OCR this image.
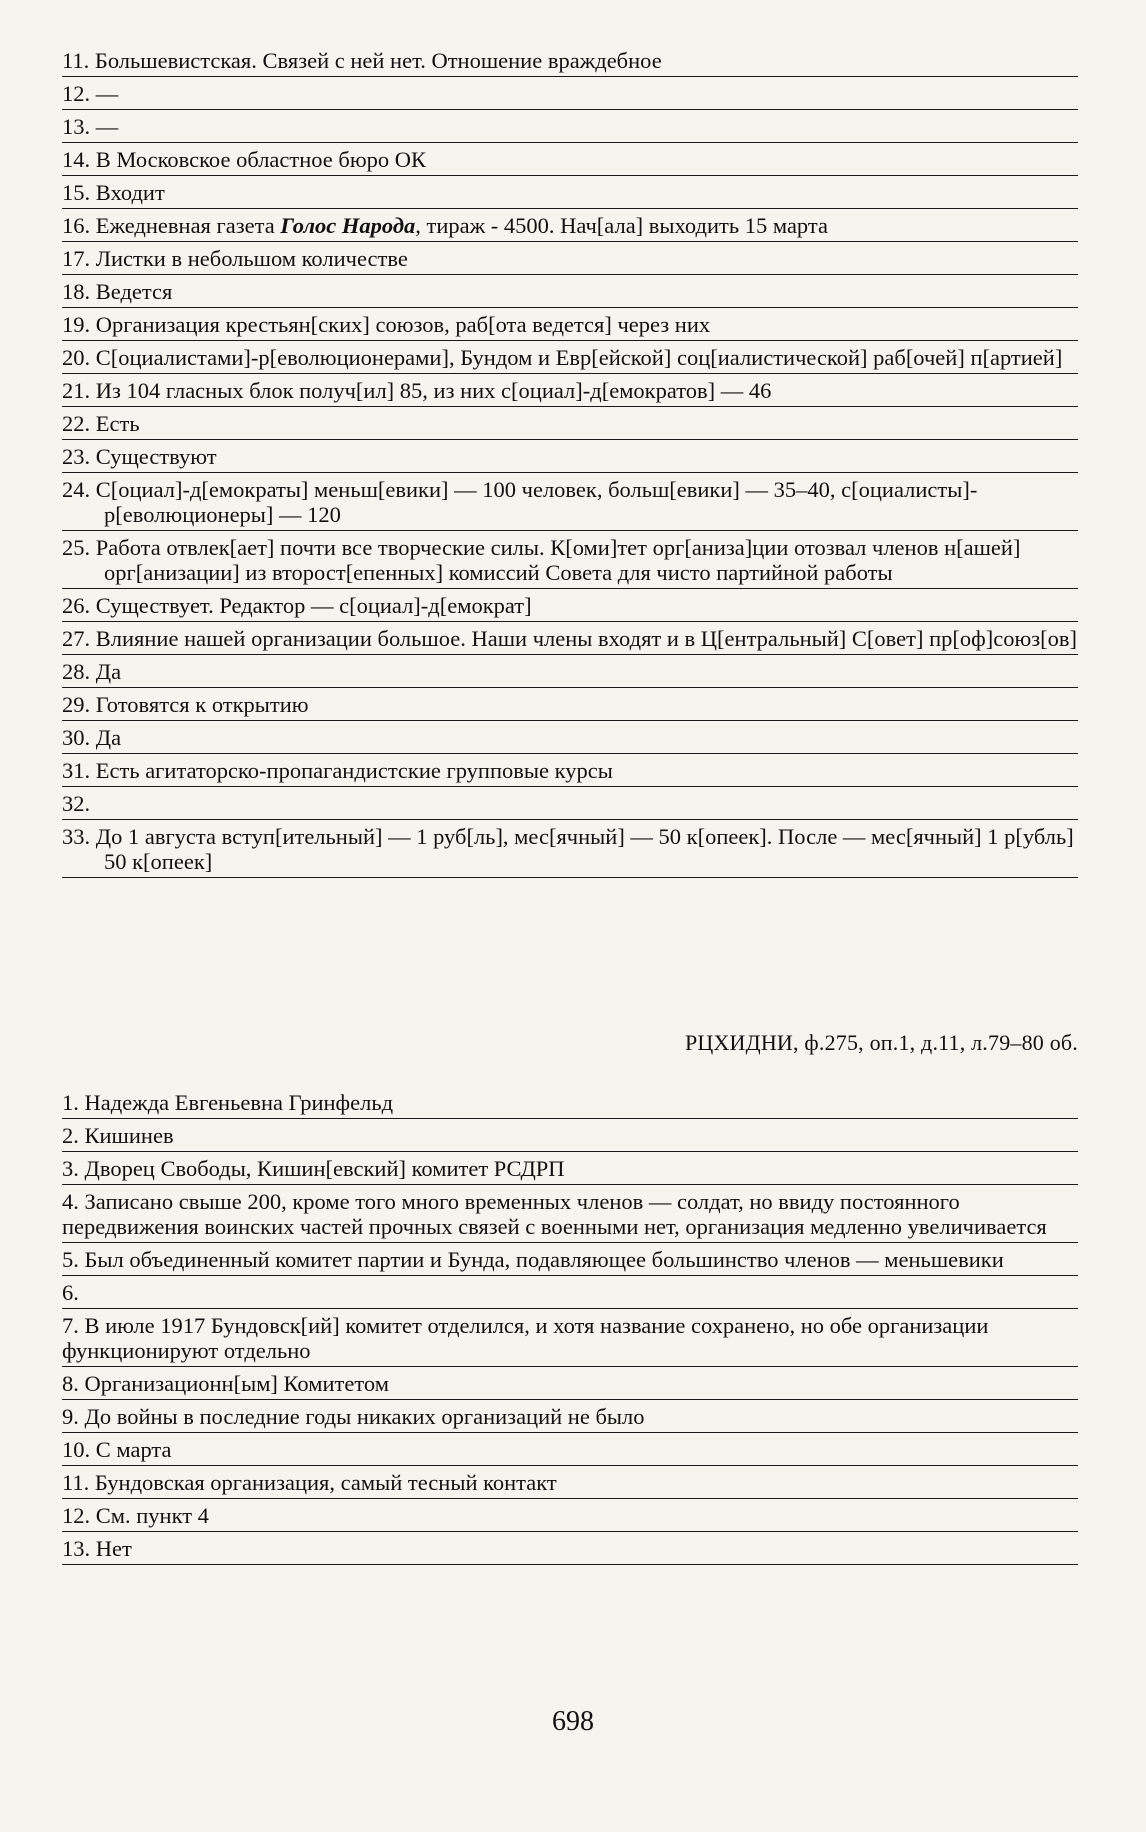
11. Большевистская. Связей с ней нет. Отношение враждебное
12. —
13. —
14. В Московское областное бюро ОК
15. Входит
16. Ежедневная газета Голос Народа, тираж - 4500. Нач[ала] выходить 15 марта
17. Листки в небольшом количестве
18. Ведется
19. Организация крестьян[ских] союзов, раб[ота ведется] через них
20. С[оциалистами]-р[еволюционерами], Бундом и Евр[ейской] соц[иалистической] раб[очей] п[артией]
21. Из 104 гласных блок получ[ил] 85, из них с[оциал]-д[емократов] — 46
22. Есть
23. Существуют
24. С[оциал]-д[емократы] меньш[евики] — 100 человек, больш[евики] — 35–40, с[оциалисты]-р[еволюционеры] — 120
25. Работа отвлек[ает] почти все творческие силы. К[оми]тет орг[аниза]ции отозвал членов н[ашей] орг[анизации] из второст[епенных] комиссий Совета для чисто партийной работы
26. Существует. Редактор — с[оциал]-д[емократ]
27. Влияние нашей организации большое. Наши члены входят и в Ц[ентральный] С[овет] пр[оф]союз[ов]
28. Да
29. Готовятся к открытию
30. Да
31. Есть агитаторско-пропагандистские групповые курсы
32.
33. До 1 августа вступ[ительный] — 1 руб[ль], мес[ячный] — 50 к[опеек]. После — мес[ячный] 1 р[убль] 50 к[опеек]
РЦХИДНИ, ф.275, оп.1, д.11, л.79–80 об.
1. Надежда Евгеньевна Гринфельд
2. Кишинев
3. Дворец Свободы, Кишин[евский] комитет РСДРП
4. Записано свыше 200, кроме того много временных членов — солдат, но ввиду постоянного передвижения воинских частей прочных связей с военными нет, организация медленно увеличивается
5. Был объединенный комитет партии и Бунда, подавляющее большинство членов — меньшевики
6.
7. В июле 1917 Бундовск[ий] комитет отделился, и хотя название сохранено, но обе организации функционируют отдельно
8. Организационн[ым] Комитетом
9. До войны в последние годы никаких организаций не было
10. С марта
11. Бундовская организация, самый тесный контакт
12. См. пункт 4
13. Нет
698
